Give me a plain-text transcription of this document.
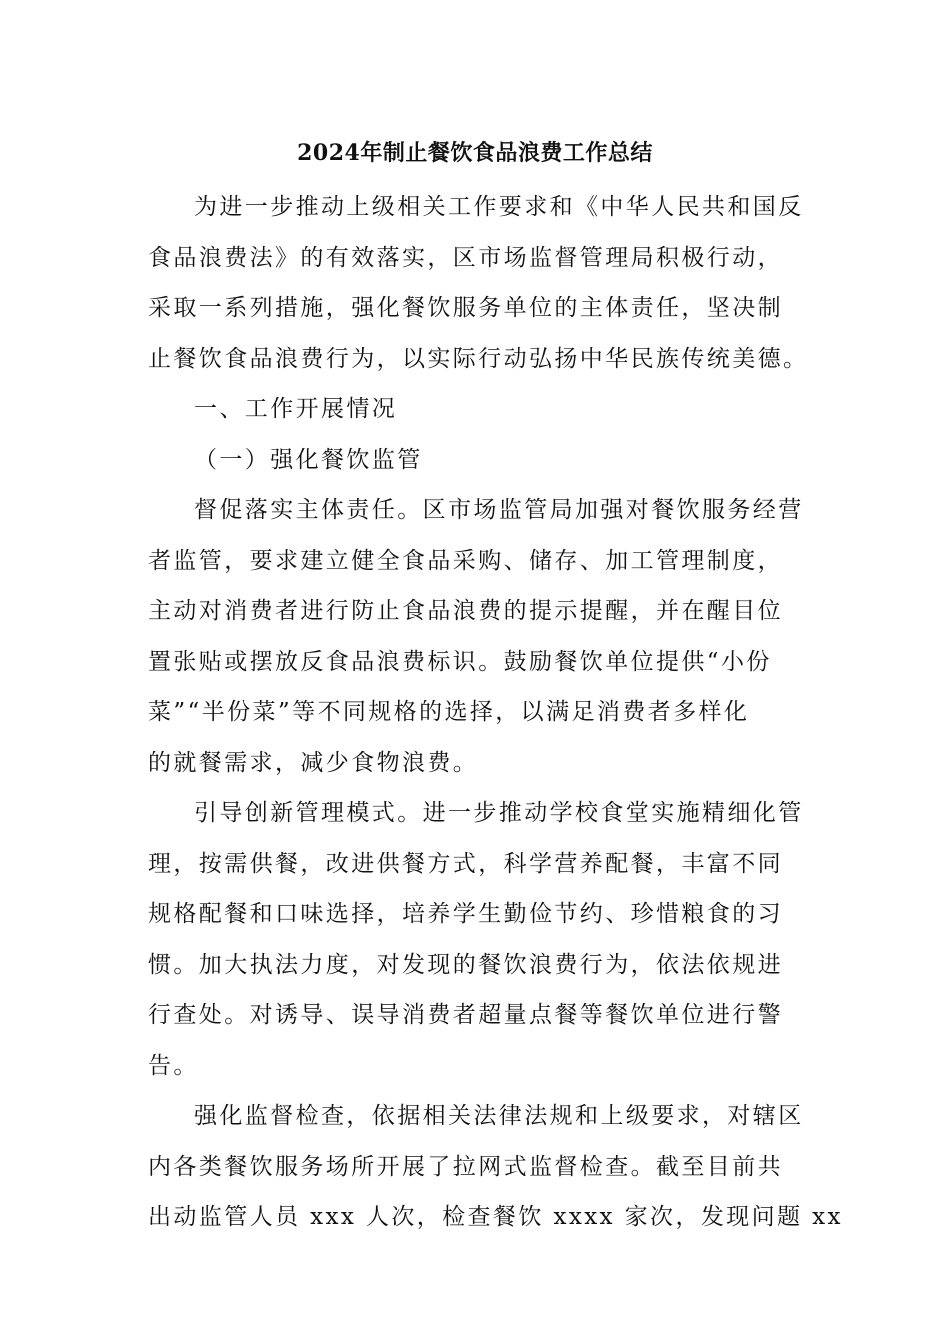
2024年制止餐饮食品浪费工作总结
为进一步推动上级相关工作要求和《中华人民共和国反
食品浪费法》的有效落实，区市场监督管理局积极行动，
采取一系列措施，强化餐饮服务单位的主体责任，坚决制
止餐饮食品浪费行为，以实际行动弘扬中华民族传统美德。
一、工作开展情况
（一）强化餐饮监管
督促落实主体责任。区市场监管局加强对餐饮服务经营
者监管，要求建立健全食品采购、储存、加工管理制度，
主动对消费者进行防止食品浪费的提示提醒，并在醒目位
置张贴或摆放反食品浪费标识。鼓励餐饮单位提供“小份
菜”“半份菜”等不同规格的选择，以满足消费者多样化
的就餐需求，减少食物浪费。
引导创新管理模式。进一步推动学校食堂实施精细化管
理，按需供餐，改进供餐方式，科学营养配餐，丰富不同
规格配餐和口味选择，培养学生勤俭节约、珍惜粮食的习
惯。加大执法力度，对发现的餐饮浪费行为，依法依规进
行查处。对诱导、误导消费者超量点餐等餐饮单位进行警
告。
强化监督检查，依据相关法律法规和上级要求，对辖区
内各类餐饮服务场所开展了拉网式监督检查。截至目前共
出动监管人员 xxx 人次，检查餐饮 xxxx 家次，发现问题 xx
